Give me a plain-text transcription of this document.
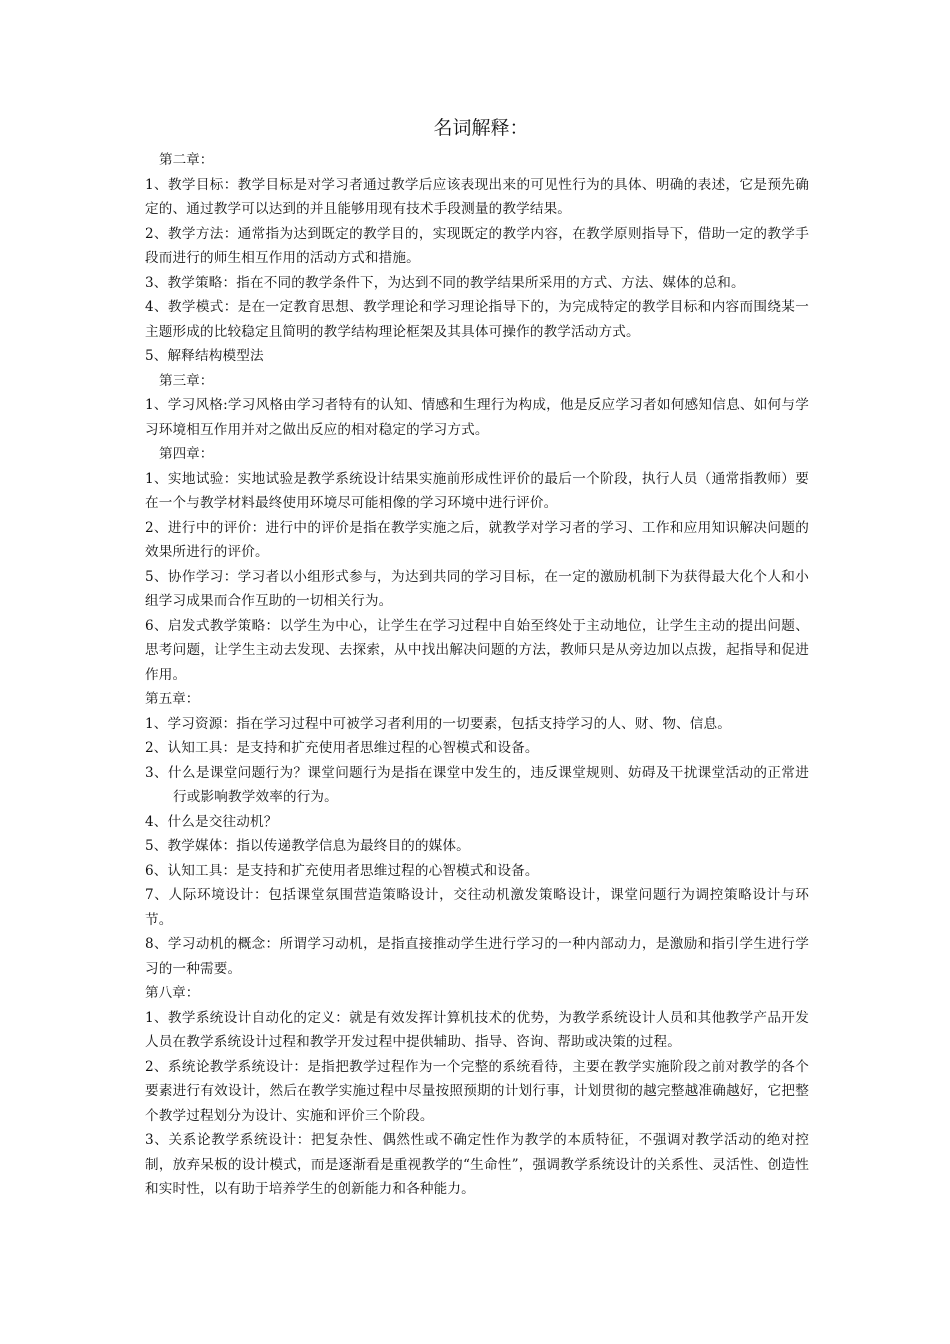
名词解释：
第二章：
1、教学目标：教学目标是对学习者通过教学后应该表现出来的可见性行为的具体、明确的表述，它是预先确定的、通过教学可以达到的并且能够用现有技术手段测量的教学结果。
2、教学方法：通常指为达到既定的教学目的，实现既定的教学内容，在教学原则指导下，借助一定的教学手段而进行的师生相互作用的活动方式和措施。
3、教学策略：指在不同的教学条件下，为达到不同的教学结果所采用的方式、方法、媒体的总和。
4、教学模式：是在一定教育思想、教学理论和学习理论指导下的，为完成特定的教学目标和内容而围绕某一主题形成的比较稳定且简明的教学结构理论框架及其具体可操作的教学活动方式。
5、解释结构模型法
第三章：
1、学习风格:学习风格由学习者特有的认知、情感和生理行为构成，他是反应学习者如何感知信息、如何与学习环境相互作用并对之做出反应的相对稳定的学习方式。
第四章：
1、实地试验：实地试验是教学系统设计结果实施前形成性评价的最后一个阶段，执行人员（通常指教师）要在一个与教学材料最终使用环境尽可能相像的学习环境中进行评价。
2、进行中的评价：进行中的评价是指在教学实施之后，就教学对学习者的学习、工作和应用知识解决问题的效果所进行的评价。
5、协作学习：学习者以小组形式参与，为达到共同的学习目标，在一定的激励机制下为获得最大化个人和小组学习成果而合作互助的一切相关行为。
6、启发式教学策略：以学生为中心，让学生在学习过程中自始至终处于主动地位，让学生主动的提出问题、思考问题，让学生主动去发现、去探索，从中找出解决问题的方法，教师只是从旁边加以点拨，起指导和促进作用。
第五章：
1、学习资源：指在学习过程中可被学习者利用的一切要素，包括支持学习的人、财、物、信息。
2、认知工具：是支持和扩充使用者思维过程的心智模式和设备。
3、什么是课堂问题行为？课堂问题行为是指在课堂中发生的，违反课堂规则、妨碍及干扰课堂活动的正常进行或影响教学效率的行为。
4、什么是交往动机？
5、教学媒体：指以传递教学信息为最终目的的媒体。
6、认知工具：是支持和扩充使用者思维过程的心智模式和设备。
7、人际环境设计：包括课堂氛围营造策略设计，交往动机激发策略设计，课堂问题行为调控策略设计与环节。
8、学习动机的概念：所谓学习动机，是指直接推动学生进行学习的一种内部动力，是激励和指引学生进行学习的一种需要。
第八章：
1、教学系统设计自动化的定义：就是有效发挥计算机技术的优势，为教学系统设计人员和其他教学产品开发人员在教学系统设计过程和教学开发过程中提供辅助、指导、咨询、帮助或决策的过程。
2、系统论教学系统设计：是指把教学过程作为一个完整的系统看待，主要在教学实施阶段之前对教学的各个要素进行有效设计，然后在教学实施过程中尽量按照预期的计划行事，计划贯彻的越完整越准确越好，它把整个教学过程划分为设计、实施和评价三个阶段。
3、关系论教学系统设计：把复杂性、偶然性或不确定性作为教学的本质特征，不强调对教学活动的绝对控制，放弃呆板的设计模式，而是逐渐看是重视教学的“生命性”，强调教学系统设计的关系性、灵活性、创造性和实时性，以有助于培养学生的创新能力和各种能力。
